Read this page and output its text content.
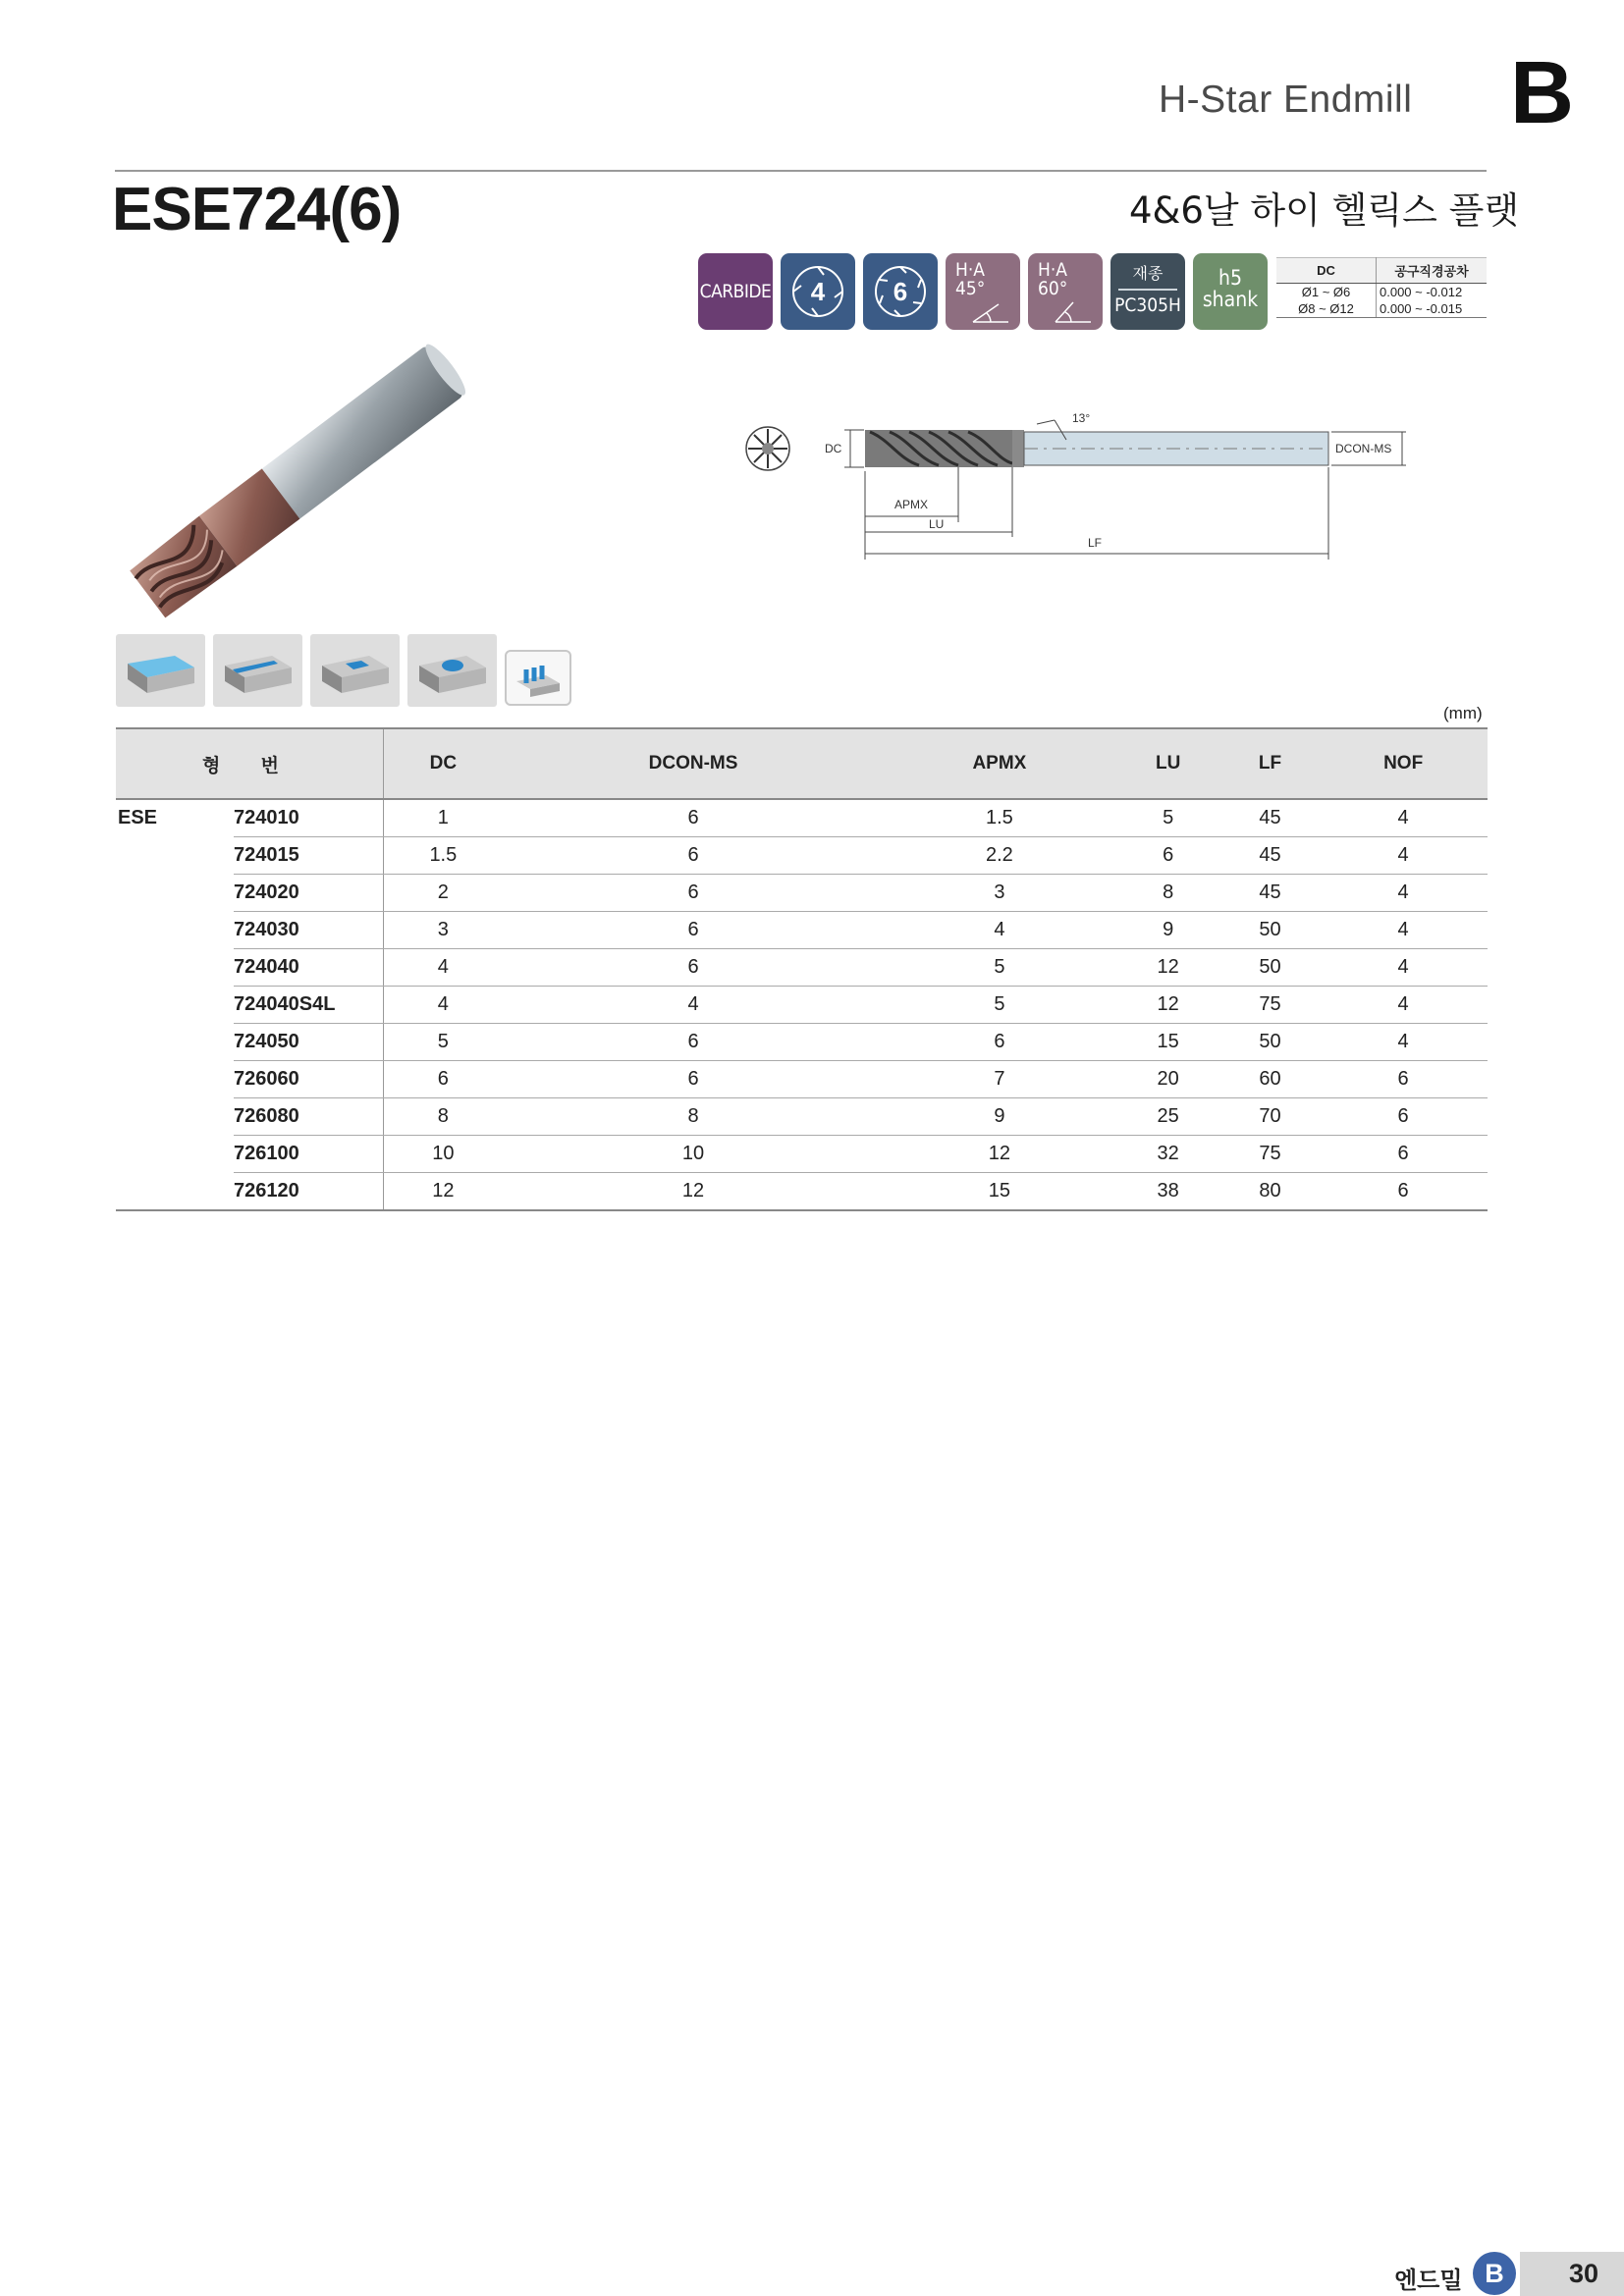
H-Star Endmill B
ESE724(6)	4&6날 하이 헬릭스 플랫
CARBIDE 4	6
H·A
45°
H·A
60°
재종
PC305H
h5
shank
DC	공구직경공차
Ø1 ~ Ø6	0.000 ~ -0.012
Ø8 ~ Ø12	0.000 ~ -0.015
DC	DCON-MS
13°
APMX
LU
LF
(mm)
형 번		DC	DCON-MS	APMX	LU	LF	NOF
ESE	724010	1	6	1.5	5	45	4
	724015	1.5	6	2.2	6	45	4
	724020	2	6	3	8	45	4
	724030	3	6	4	9	50	4
	724040	4	6	5	12	50	4
	724040S4L	4	4	5	12	75	4
	724050	5	6	6	15	50	4
	726060	6	6	7	20	60	6
	726080	8	8	9	25	70	6
	726100	10	10	12	32	75	6
	726120	12	12	15	38	80	6
엔드밀	30
B
